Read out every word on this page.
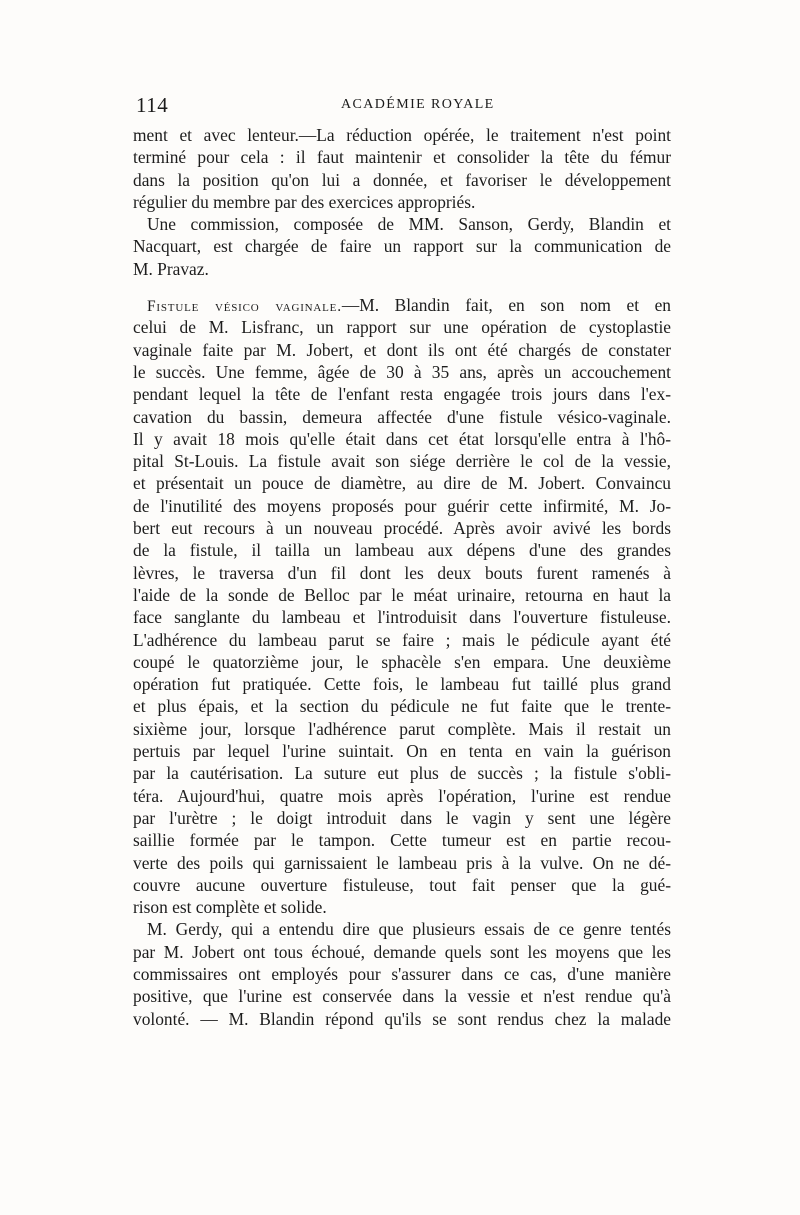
114	ACADÉMIE ROYALE
ment et avec lenteur.—La réduction opérée, le traitement n'est point
terminé pour cela : il faut maintenir et consolider la tête du fémur
dans la position qu'on lui a donnée, et favoriser le développement
régulier du membre par des exercices appropriés.
Une commission, composée de MM. Sanson, Gerdy, Blandin et
Nacquart, est chargée de faire un rapport sur la communication de
M. Pravaz.
Fistule vésico vaginale.—M. Blandin fait, en son nom et en
celui de M. Lisfranc, un rapport sur une opération de cystoplastie
vaginale faite par M. Jobert, et dont ils ont été chargés de constater
le succès. Une femme, âgée de 30 à 35 ans, après un accouchement
pendant lequel la tête de l'enfant resta engagée trois jours dans l'ex-
cavation du bassin, demeura affectée d'une fistule vésico-vaginale.
Il y avait 18 mois qu'elle était dans cet état lorsqu'elle entra à l'hô-
pital St-Louis. La fistule avait son siége derrière le col de la vessie,
et présentait un pouce de diamètre, au dire de M. Jobert. Convaincu
de l'inutilité des moyens proposés pour guérir cette infirmité, M. Jo-
bert eut recours à un nouveau procédé. Après avoir avivé les bords
de la fistule, il tailla un lambeau aux dépens d'une des grandes
lèvres, le traversa d'un fil dont les deux bouts furent ramenés à
l'aide de la sonde de Belloc par le méat urinaire, retourna en haut la
face sanglante du lambeau et l'introduisit dans l'ouverture fistuleuse.
L'adhérence du lambeau parut se faire ; mais le pédicule ayant été
coupé le quatorzième jour, le sphacèle s'en empara. Une deuxième
opération fut pratiquée. Cette fois, le lambeau fut taillé plus grand
et plus épais, et la section du pédicule ne fut faite que le trente-
sixième jour, lorsque l'adhérence parut complète. Mais il restait un
pertuis par lequel l'urine suintait. On en tenta en vain la guérison
par la cautérisation. La suture eut plus de succès ; la fistule s'obli-
téra. Aujourd'hui, quatre mois après l'opération, l'urine est rendue
par l'urètre ; le doigt introduit dans le vagin y sent une légère
saillie formée par le tampon. Cette tumeur est en partie recou-
verte des poils qui garnissaient le lambeau pris à la vulve. On ne dé-
couvre aucune ouverture fistuleuse, tout fait penser que la gué-
rison est complète et solide.
M. Gerdy, qui a entendu dire que plusieurs essais de ce genre tentés
par M. Jobert ont tous échoué, demande quels sont les moyens que les
commissaires ont employés pour s'assurer dans ce cas, d'une manière
positive, que l'urine est conservée dans la vessie et n'est rendue qu'à
volonté. — M. Blandin répond qu'ils se sont rendus chez la malade
